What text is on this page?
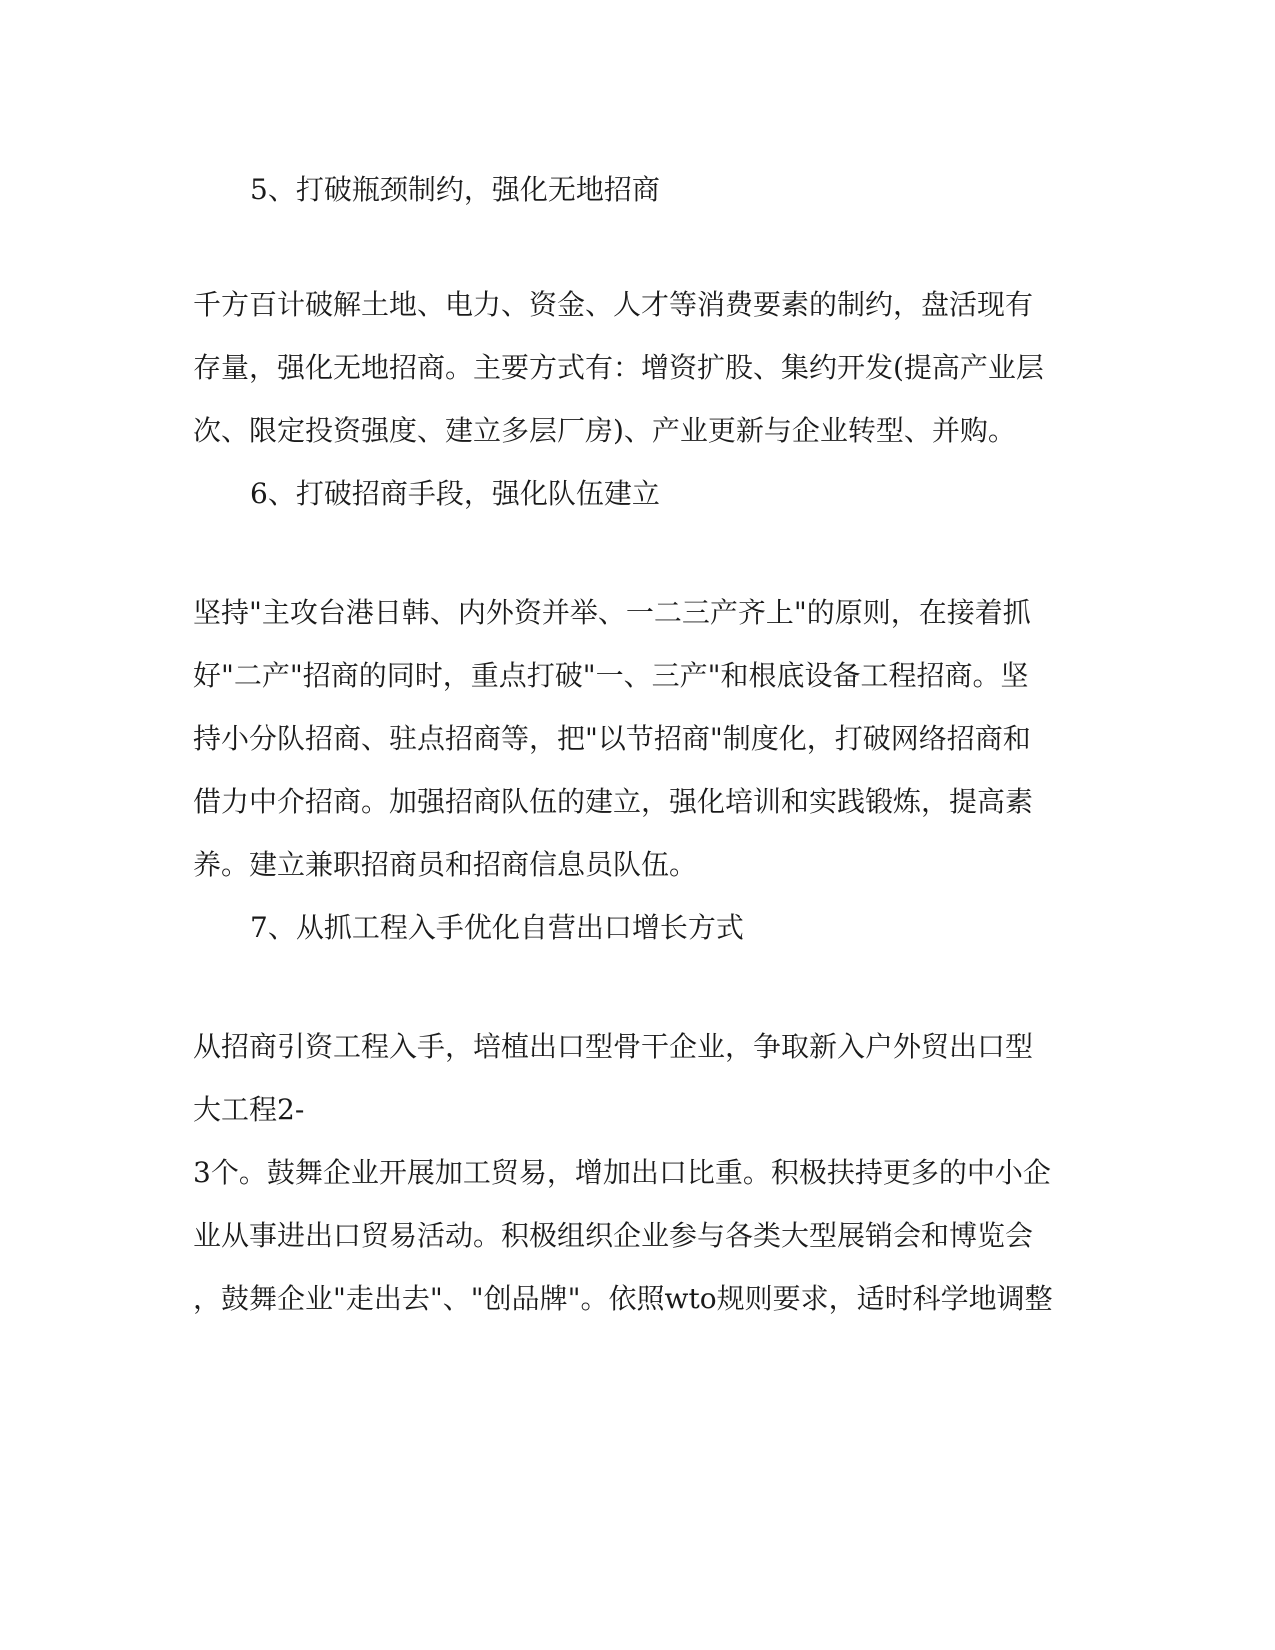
5、打破瓶颈制约，强化无地招商

千方百计破解土地、电力、资金、人才等消费要素的制约，盘活现有

存量，强化无地招商。主要方式有：增资扩股、集约开发(提高产业层

次、限定投资强度、建立多层厂房)、产业更新与企业转型、并购。

6、打破招商手段，强化队伍建立

坚持"主攻台港日韩、内外资并举、一二三产齐上"的原则，在接着抓

好"二产"招商的同时，重点打破"一、三产"和根底设备工程招商。坚

持小分队招商、驻点招商等，把"以节招商"制度化，打破网络招商和

借力中介招商。加强招商队伍的建立，强化培训和实践锻炼，提高素

养。建立兼职招商员和招商信息员队伍。

7、从抓工程入手优化自营出口增长方式

从招商引资工程入手，培植出口型骨干企业，争取新入户外贸出口型

大工程2-

3个。鼓舞企业开展加工贸易，增加出口比重。积极扶持更多的中小企

业从事进出口贸易活动。积极组织企业参与各类大型展销会和博览会

，鼓舞企业"走出去"、"创品牌"。依照wto规则要求，适时科学地调整
